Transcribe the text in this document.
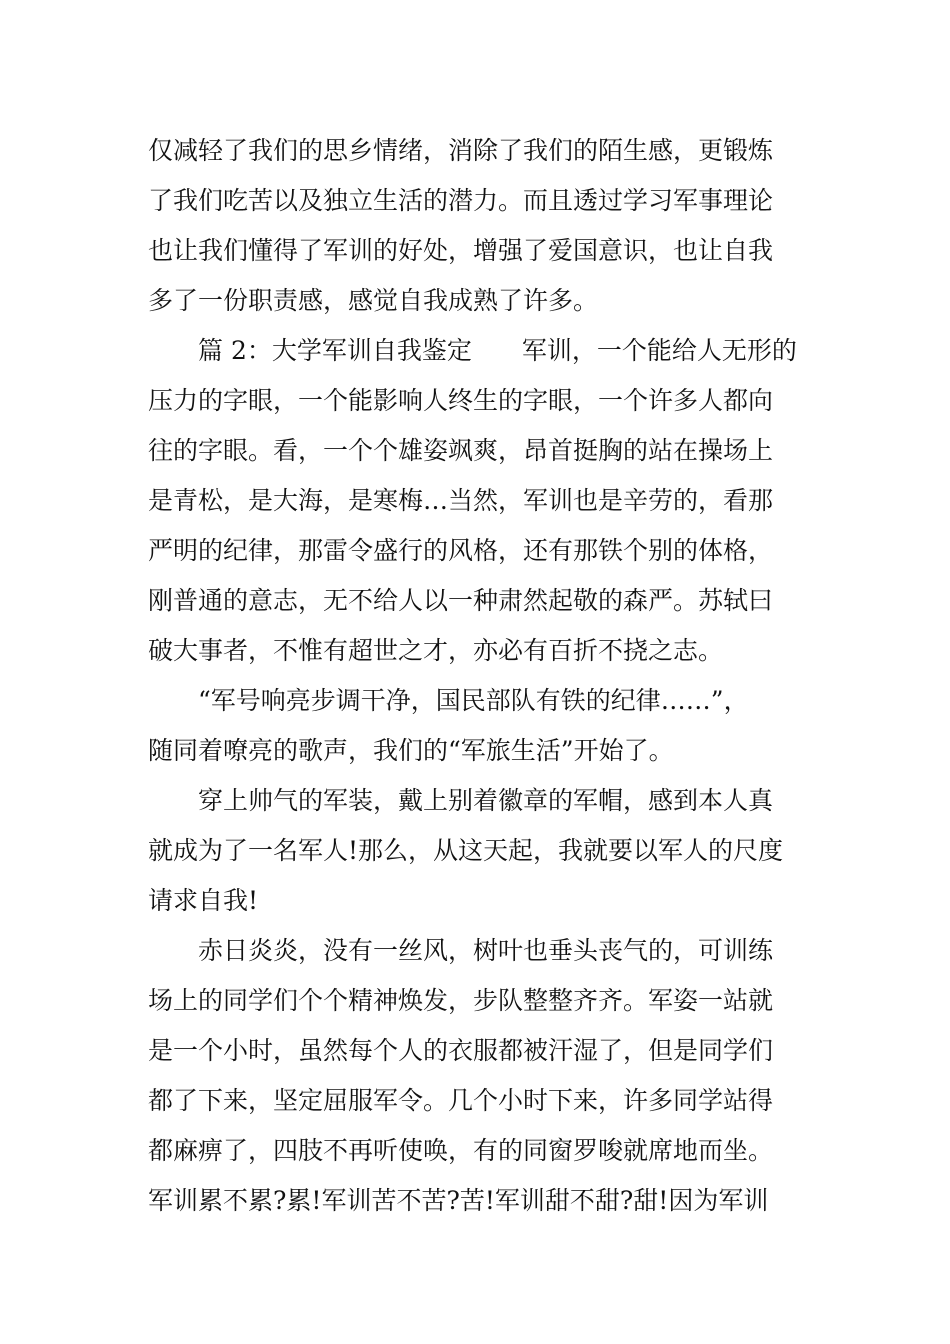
仅减轻了我们的思乡情绪，消除了我们的陌生感，更锻炼
了我们吃苦以及独立生活的潜力。而且透过学习军事理论
也让我们懂得了军训的好处，增强了爱国意识，也让自我
多了一份职责感，感觉自我成熟了许多。
篇 2：大学军训自我鉴定　　军训，一个能给人无形的
压力的字眼，一个能影响人终生的字眼，一个许多人都向
往的字眼。看，一个个雄姿飒爽，昂首挺胸的站在操场上
是青松，是大海，是寒梅…当然，军训也是辛劳的，看那
严明的纪律，那雷令盛行的风格，还有那铁个别的体格，
刚普通的意志，无不给人以一种肃然起敬的森严。苏轼曰
破大事者，不惟有超世之才，亦必有百折不挠之志。
“军号响亮步调干净，国民部队有铁的纪律……”，
随同着嘹亮的歌声，我们的“军旅生活”开始了。
穿上帅气的军装，戴上别着徽章的军帽，感到本人真
就成为了一名军人!那么，从这天起，我就要以军人的尺度
请求自我!
赤日炎炎，没有一丝风，树叶也垂头丧气的，可训练
场上的同学们个个精神焕发，步队整整齐齐。军姿一站就
是一个小时，虽然每个人的衣服都被汗湿了，但是同学们
都了下来，坚定屈服军令。几个小时下来，许多同学站得
都麻痹了，四肢不再听使唤，有的同窗罗唆就席地而坐。
军训累不累?累!军训苦不苦?苦!军训甜不甜?甜!因为军训
